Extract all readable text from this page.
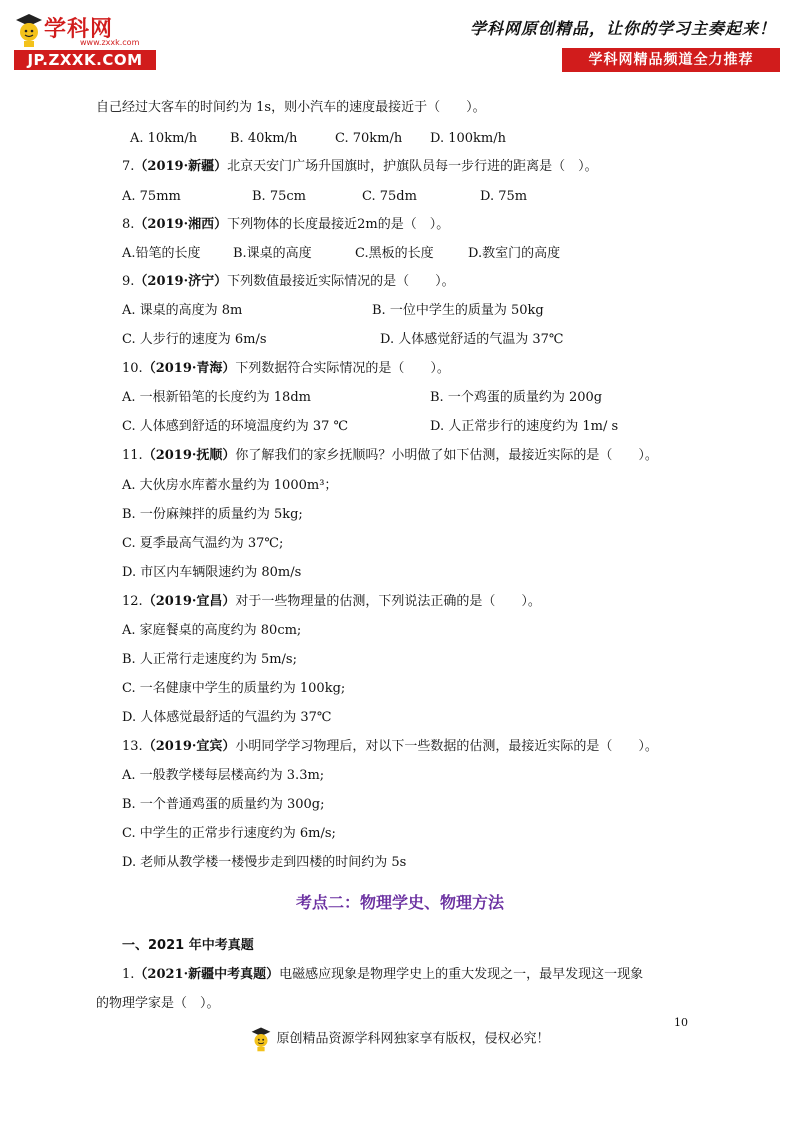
学科网
www.zxxk.com
JP.ZXXK.COM
学科网原创精品，让你的学习主奏起来！
学科网精品频道全力推荐
自己经过大客车的时间约为 1s，则小汽车的速度最接近于（　　）。
A. 10km/h	B. 40km/h	C. 70km/h D. 100km/h
7.（2019·新疆）北京天安门广场升国旗时，护旗队员每一步行进的距离是（　）。
A. 75mm	B. 75cm	C. 75dm	D. 75m
8.（2019·湘西）下列物体的长度最接近2m的是（　）。
A.铅笔的长度 B.课桌的高度	C.黑板的长度	D.教室门的高度
9.（2019·济宁）下列数值最接近实际情况的是（　　）。
A. 课桌的高度为 8m	B. 一位中学生的质量为 50kg
C. 人步行的速度为 6m/s	D. 人体感觉舒适的气温为 37℃
10.（2019·青海）下列数据符合实际情况的是（　　）。
A. 一根新铅笔的长度约为 18dm	B. 一个鸡蛋的质量约为 200g
C. 人体感到舒适的环境温度约为 37 ℃	D. 人正常步行的速度约为 1m/ s
11.（2019·抚顺）你了解我们的家乡抚顺吗？小明做了如下估测，最接近实际的是（　　）。
A. 大伙房水库蓄水量约为 1000m³；
B. 一份麻辣拌的质量约为 5kg;
C. 夏季最高气温约为 37℃;
D. 市区内车辆限速约为 80m/s
12.（2019·宜昌）对于一些物理量的估测，下列说法正确的是（　　）。
A. 家庭餐桌的高度约为 80cm;
B. 人正常行走速度约为 5m/s;
C. 一名健康中学生的质量约为 100kg;
D. 人体感觉最舒适的气温约为 37℃
13.（2019·宜宾）小明同学学习物理后，对以下一些数据的估测，最接近实际的是（　　）。
A. 一般教学楼每层楼高约为 3.3m;
B. 一个普通鸡蛋的质量约为 300g;
C. 中学生的正常步行速度约为 6m/s;
D. 老师从教学楼一楼慢步走到四楼的时间约为 5s
考点二：物理学史、物理方法
一、2021 年中考真题
1.（2021·新疆中考真题）电磁感应现象是物理学史上的重大发现之一，最早发现这一现象
的物理学家是（　）。
10
原创精品资源学科网独家享有版权，侵权必究！
